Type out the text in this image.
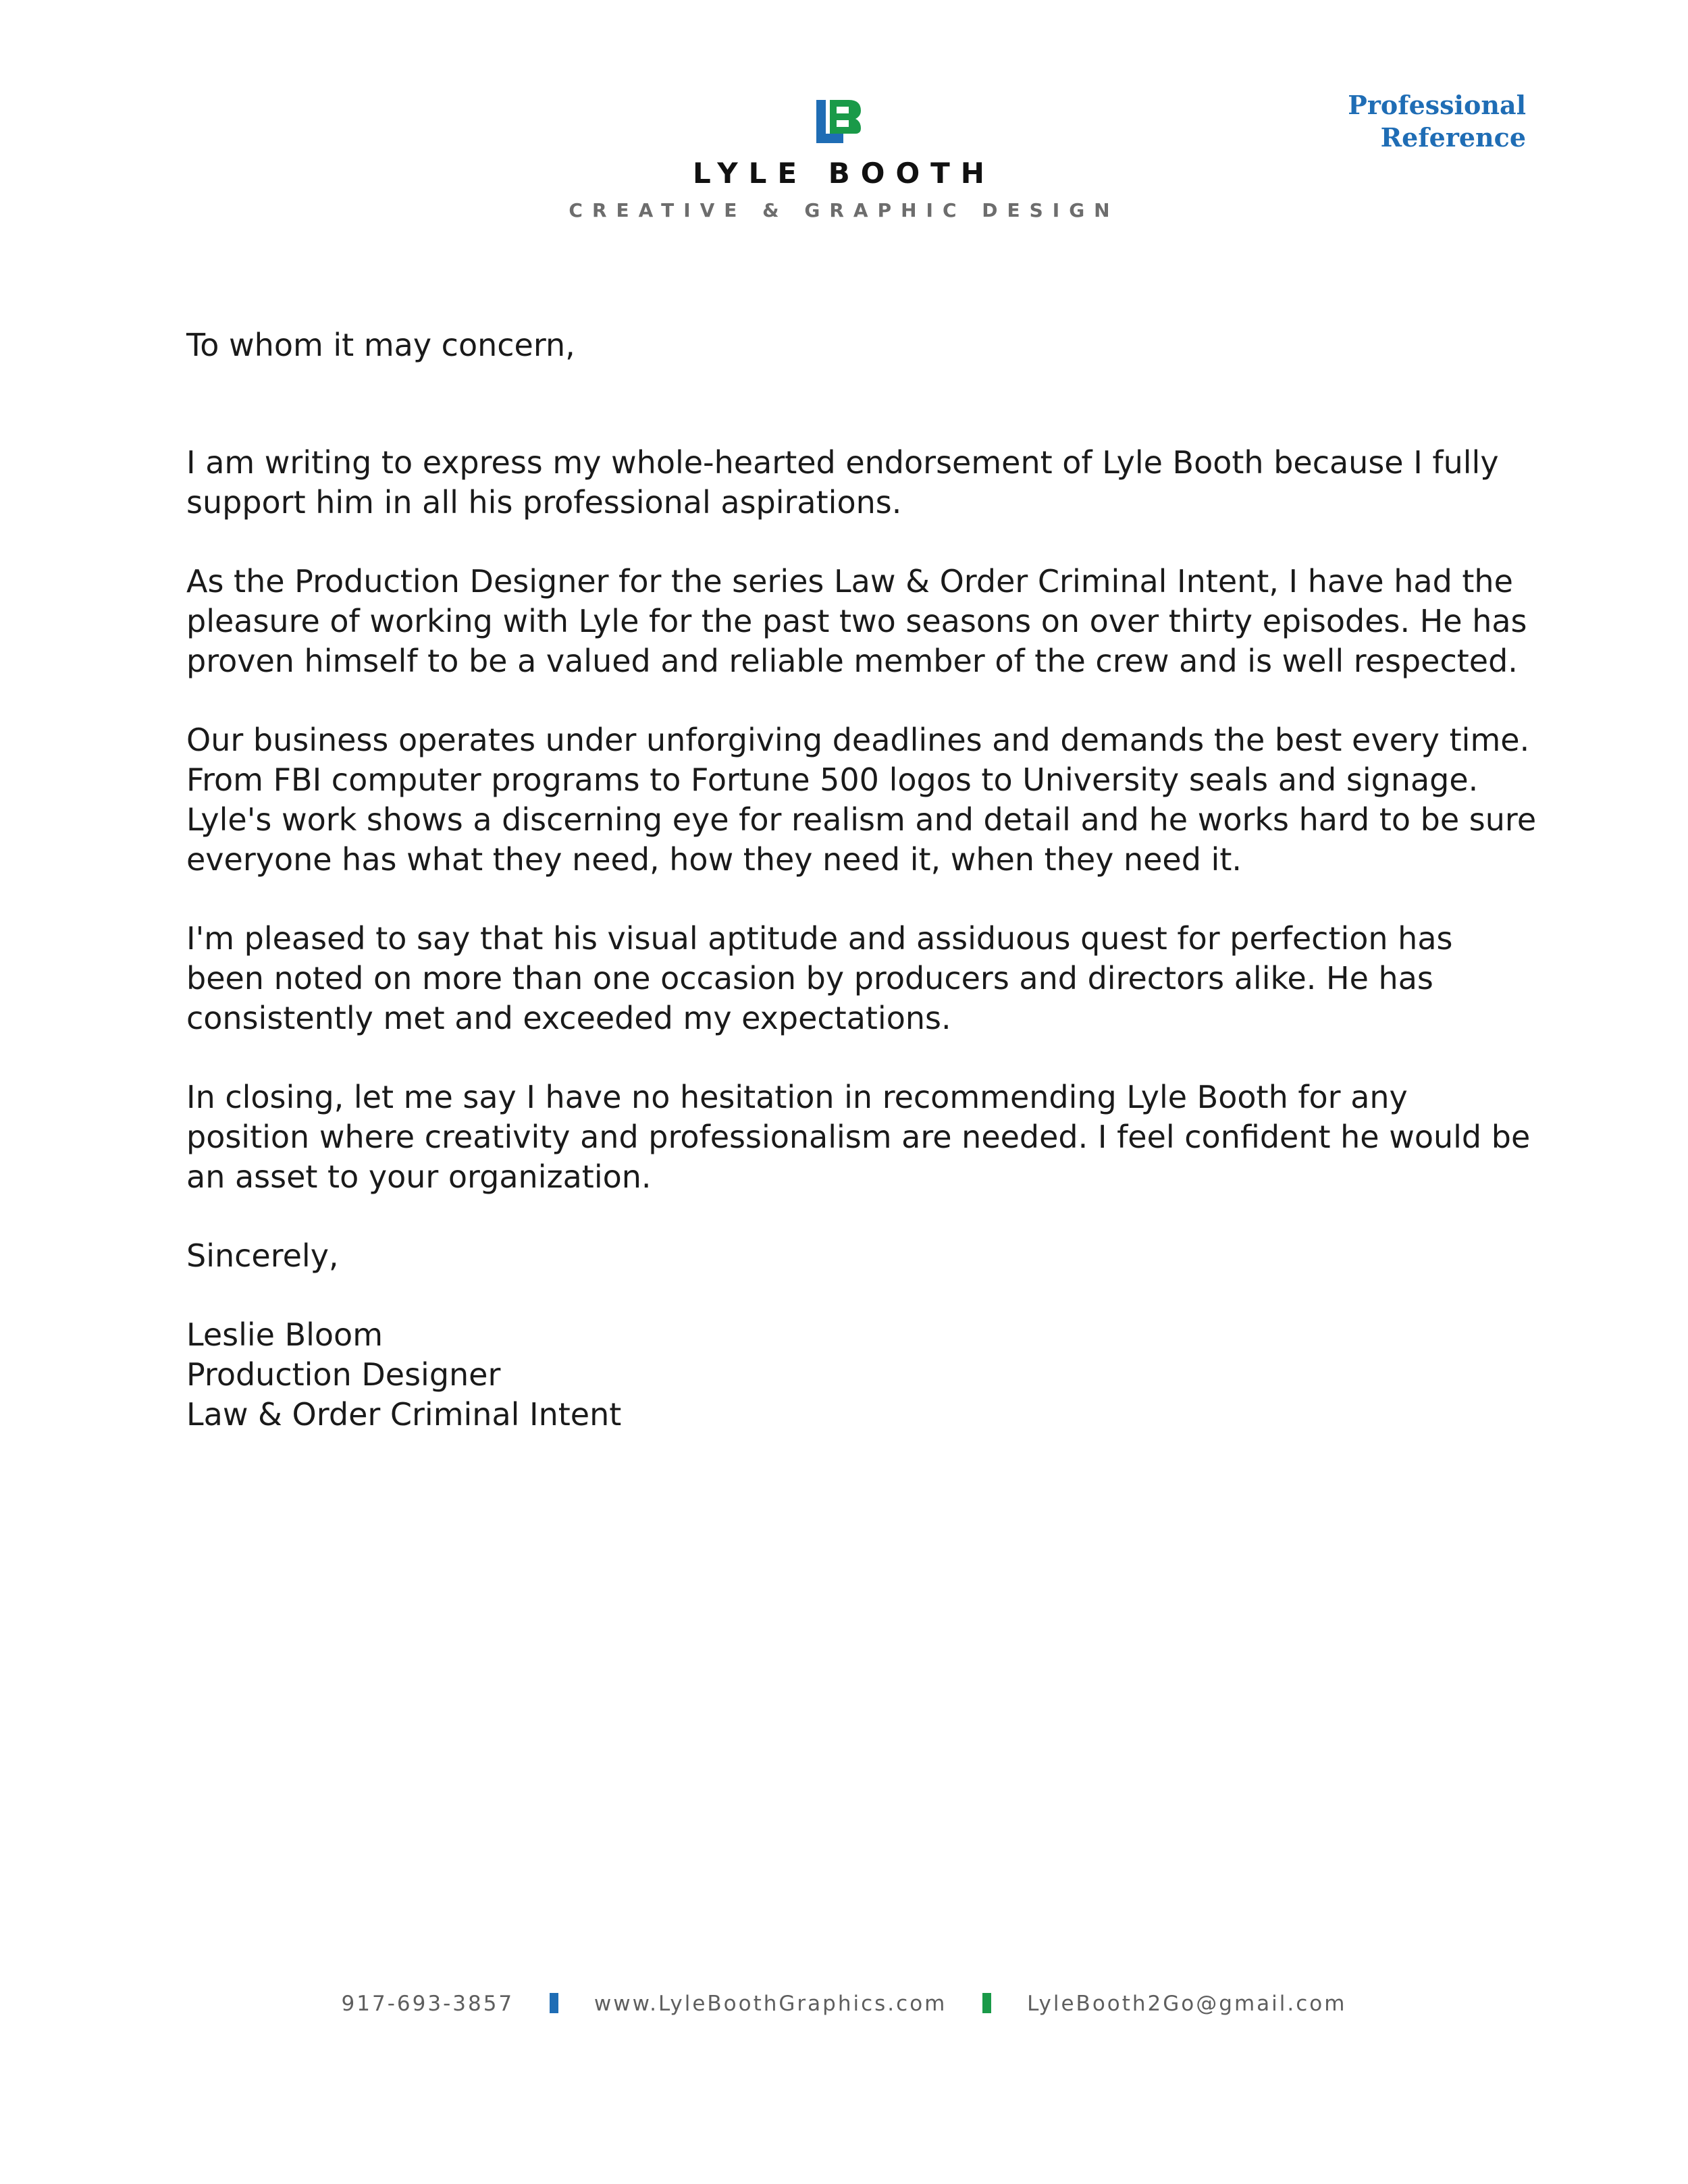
LYLE BOOTH
CREATIVE & GRAPHIC DESIGN
Professional
Reference

To whom it may concern,

I am writing to express my whole-hearted endorsement of Lyle Booth because I fully support him in all his professional aspirations.

As the Production Designer for the series Law & Order Criminal Intent, I have had the pleasure of working with Lyle for the past two seasons on over thirty episodes. He has proven himself to be a valued and reliable member of the crew and is well respected.

Our business operates under unforgiving deadlines and demands the best every time. From FBI computer programs to Fortune 500 logos to University seals and signage. Lyle's work shows a discerning eye for realism and detail and he works hard to be sure everyone has what they need, how they need it, when they need it.

I'm pleased to say that his visual aptitude and assiduous quest for perfection has been noted on more than one occasion by producers and directors alike. He has consistently met and exceeded my expectations.

In closing, let me say I have no hesitation in recommending Lyle Booth for any position where creativity and professionalism are needed. I feel confident he would be an asset to your organization.

Sincerely,

Leslie Bloom
Production Designer
Law & Order Criminal Intent
917-693-3857	www.LyleBoothGraphics.com	LyleBooth2Go@gmail.com
